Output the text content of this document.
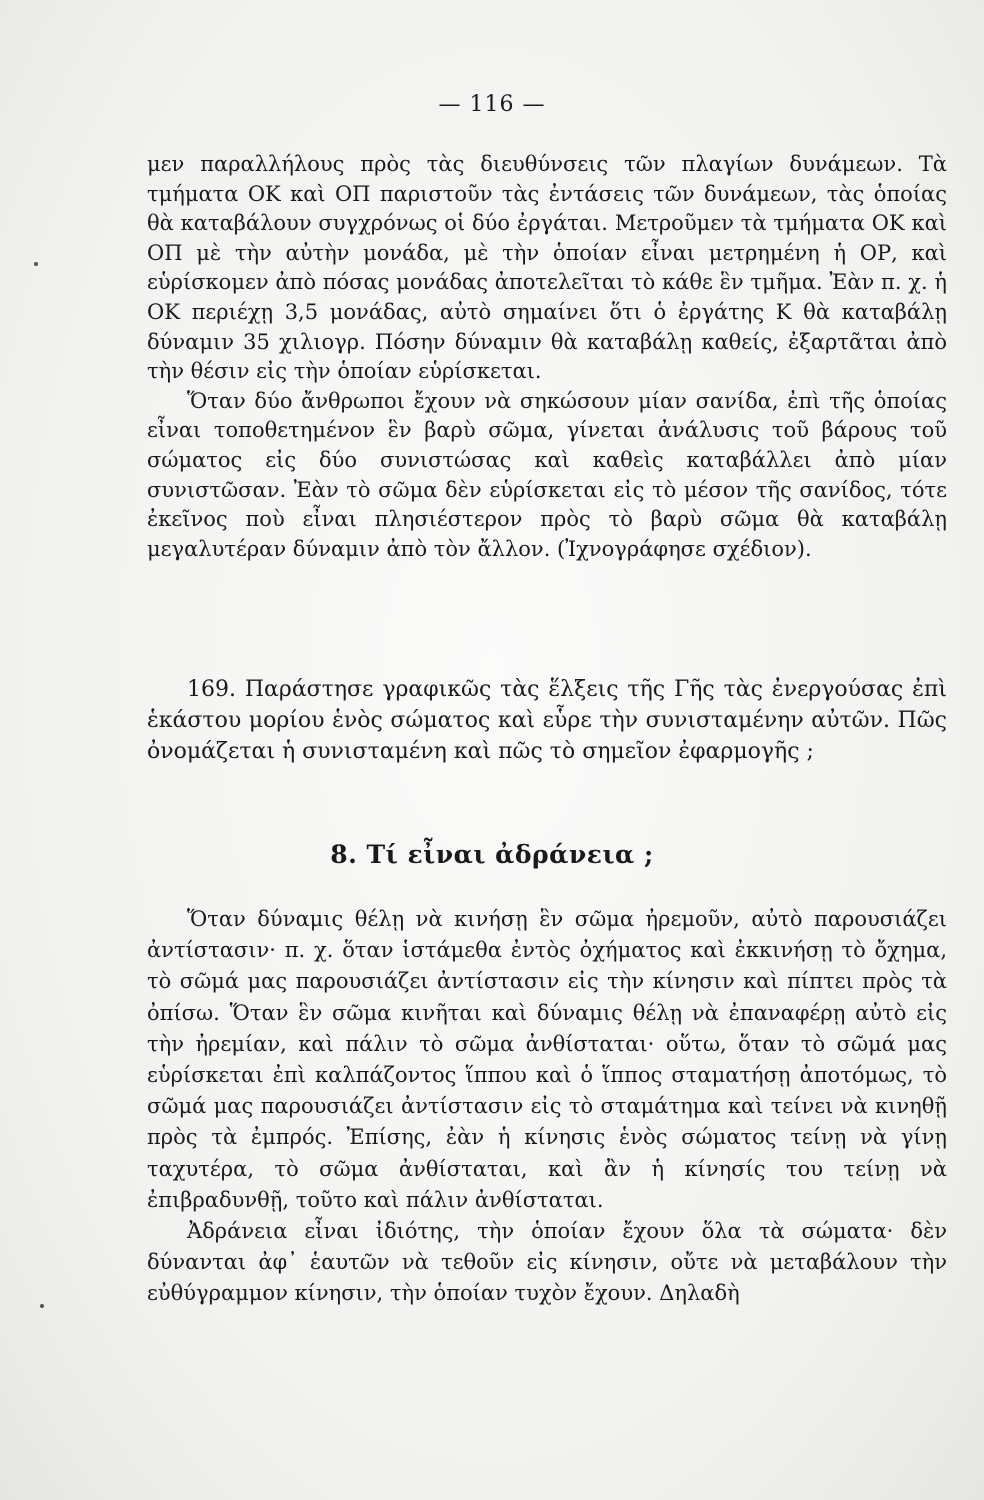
— 116 —

μεν παραλλήλους πρὸς τὰς διευθύνσεις τῶν πλαγίων δυνάμεων. Τὰ τμήματα ΟΚ καὶ ΟΠ παριστοῦν τὰς ἐντάσεις τῶν δυνάμεων, τὰς ὁποίας θὰ καταβάλουν συγχρόνως οἱ δύο ἐργάται. Μετροῦμεν τὰ τμήματα ΟΚ καὶ ΟΠ μὲ τὴν αὐτὴν μονάδα, μὲ τὴν ὁποίαν εἶναι μετρημένη ἡ ΟΡ, καὶ εὑρίσκομεν ἀπὸ πόσας μονάδας ἀποτελεῖται τὸ κάθε ἓν τμῆμα. Ἐὰν π. χ. ἡ ΟΚ περιέχῃ 3,5 μονάδας, αὐτὸ σημαίνει ὅτι ὁ ἐργάτης Κ θὰ καταβάλῃ δύναμιν 35 χιλιογρ. Πόσην δύναμιν θὰ καταβάλῃ καθείς, ἐξαρτᾶται ἀπὸ τὴν θέσιν εἰς τὴν ὁποίαν εὑρίσκεται.

Ὅταν δύο ἄνθρωποι ἔχουν νὰ σηκώσουν μίαν σανίδα, ἐπὶ τῆς ὁποίας εἶναι τοποθετημένον ἓν βαρὺ σῶμα, γίνεται ἀνάλυσις τοῦ βάρους τοῦ σώματος εἰς δύο συνιστώσας καὶ καθεὶς καταβάλλει ἀπὸ μίαν συνιστῶσαν. Ἐὰν τὸ σῶμα δὲν εὑρίσκεται εἰς τὸ μέσον τῆς σανίδος, τότε ἐκεῖνος ποὺ εἶναι πλησιέστερον πρὸς τὸ βαρὺ σῶμα θὰ καταβάλῃ μεγαλυτέραν δύναμιν ἀπὸ τὸν ἄλλον. (Ἰχνογράφησε σχέδιον).

169. Παράστησε γραφικῶς τὰς ἕλξεις τῆς Γῆς τὰς ἐνεργούσας ἐπὶ ἑκάστου μορίου ἑνὸς σώματος καὶ εὗρε τὴν συνισταμένην αὐτῶν. Πῶς ὀνομάζεται ἡ συνισταμένη καὶ πῶς τὸ σημεῖον ἐφαρμογῆς ;

8. Τί εἶναι ἀδράνεια ;

Ὅταν δύναμις θέλῃ νὰ κινήσῃ ἓν σῶμα ἠρεμοῦν, αὐτὸ παρουσιάζει ἀντίστασιν· π. χ. ὅταν ἱστάμεθα ἐντὸς ὀχήματος καὶ ἐκκινήσῃ τὸ ὄχημα, τὸ σῶμά μας παρουσιάζει ἀντίστασιν εἰς τὴν κίνησιν καὶ πίπτει πρὸς τὰ ὀπίσω. Ὅταν ἓν σῶμα κινῆται καὶ δύναμις θέλῃ νὰ ἐπαναφέρῃ αὐτὸ εἰς τὴν ἠρεμίαν, καὶ πάλιν τὸ σῶμα ἀνθίσταται· οὕτω, ὅταν τὸ σῶμά μας εὑρίσκεται ἐπὶ καλπάζοντος ἵππου καὶ ὁ ἵππος σταματήσῃ ἀποτόμως, τὸ σῶμά μας παρουσιάζει ἀντίστασιν εἰς τὸ σταμάτημα καὶ τείνει νὰ κινηθῇ πρὸς τὰ ἐμπρός. Ἐπίσης, ἐὰν ἡ κίνησις ἑνὸς σώματος τείνῃ νὰ γίνῃ ταχυτέρα, τὸ σῶμα ἀνθίσταται, καὶ ἂν ἡ κίνησίς του τείνῃ νὰ ἐπιβραδυνθῇ, τοῦτο καὶ πάλιν ἀνθίσταται.

Ἀδράνεια εἶναι ἰδιότης, τὴν ὁποίαν ἔχουν ὅλα τὰ σώματα· δὲν δύνανται ἀφ᾽ ἑαυτῶν νὰ τεθοῦν εἰς κίνησιν, οὔτε νὰ μεταβάλουν τὴν εὐθύγραμμον κίνησιν, τὴν ὁποίαν τυχὸν ἔχουν. Δηλαδὴ
